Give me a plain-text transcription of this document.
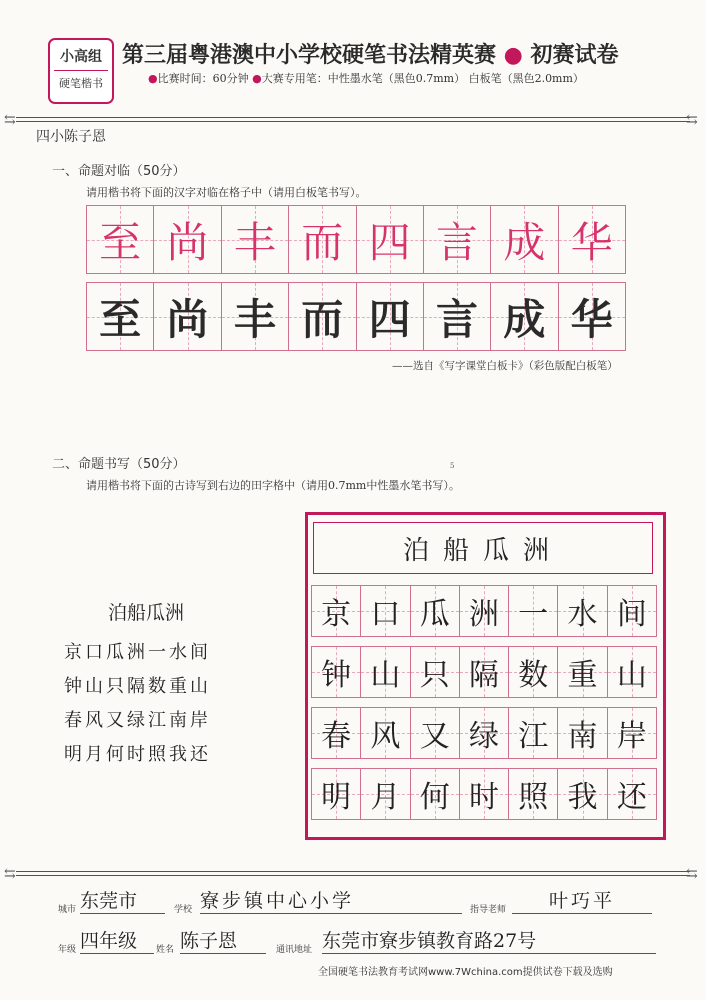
小高组
硬笔楷书
第三届粤港澳中小学校硬笔书法精英赛 ● 初赛试卷
●比赛时间：60分钟 ●大赛专用笔：中性墨水笔（黑色0.7mm） 白板笔（黑色2.0mm）
⇆	⇆
四小陈子恩
一、命题对临（50分）
请用楷书将下面的汉字对临在格子中（请用白板笔书写）。
至 尚 丰 而 四 言 成 华
至 尚 丰 而 四 言 成 华
——选自《写字课堂白板卡》（彩色版配白板笔）
二、命题书写（50分）	5
请用楷书将下面的古诗写到右边的田字格中（请用0.7mm中性墨水笔书写）。
泊船瓜洲
京口瓜洲一水间
钟山只隔数重山
春风又绿江南岸
明月何时照我还
泊船瓜洲
京 口 瓜 洲 一 水 间
钟 山 只 隔 数 重 山
春 风 又 绿 江 南 岸
明 月 何 时 照 我 还
⇆	⇆
城市 东莞市	学校 寮步镇中心小学	指导老师	叶巧平
年级 四年级	姓名 陈子恩	通讯地址 东莞市寮步镇教育路27号
全国硬笔书法教育考试网www.7Wchina.com提供试卷下载及选购
